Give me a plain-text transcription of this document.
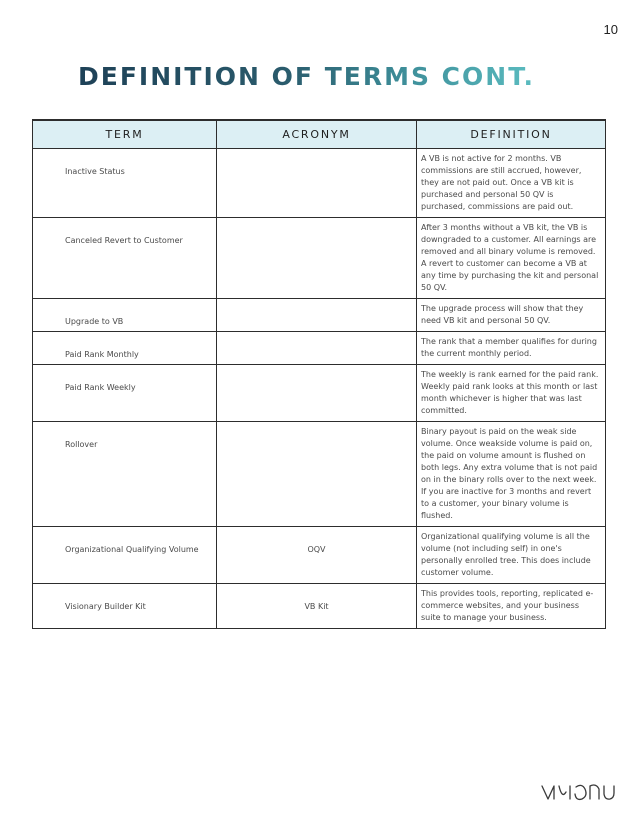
10
DEFINITION OF TERMS CONT.
TERM	ACRONYM	DEFINITION
Inactive Status		A VB is not active for 2 months. VB commissions are still accrued, however, they are not paid out. Once a VB kit is purchased and personal 50 QV is purchased, commissions are paid out.
Canceled Revert to Customer		After 3 months without a VB kit, the VB is downgraded to a customer. All earnings are removed and all binary volume is removed. A revert to customer can become a VB at any time by purchasing the kit and personal 50 QV.
Upgrade to VB		The upgrade process will show that they need VB kit and personal 50 QV.
Paid Rank Monthly		The rank that a member qualifies for during the current monthly period.
Paid Rank Weekly		The weekly is rank earned for the paid rank. Weekly paid rank looks at this month or last month whichever is higher that was last committed.
Rollover		Binary payout is paid on the weak side volume. Once weakside volume is paid on, the paid on volume amount is flushed on both legs. Any extra volume that is not paid on in the binary rolls over to the next week. If you are inactive for 3 months and revert to a customer, your binary volume is flushed.
Organizational Qualifying Volume	OQV	Organizational qualifying volume is all the volume (not including self) in one's personally enrolled tree. This does include customer volume.
Visionary Builder Kit	VB Kit	This provides tools, reporting, replicated e-commerce websites, and your business suite to manage your business.
